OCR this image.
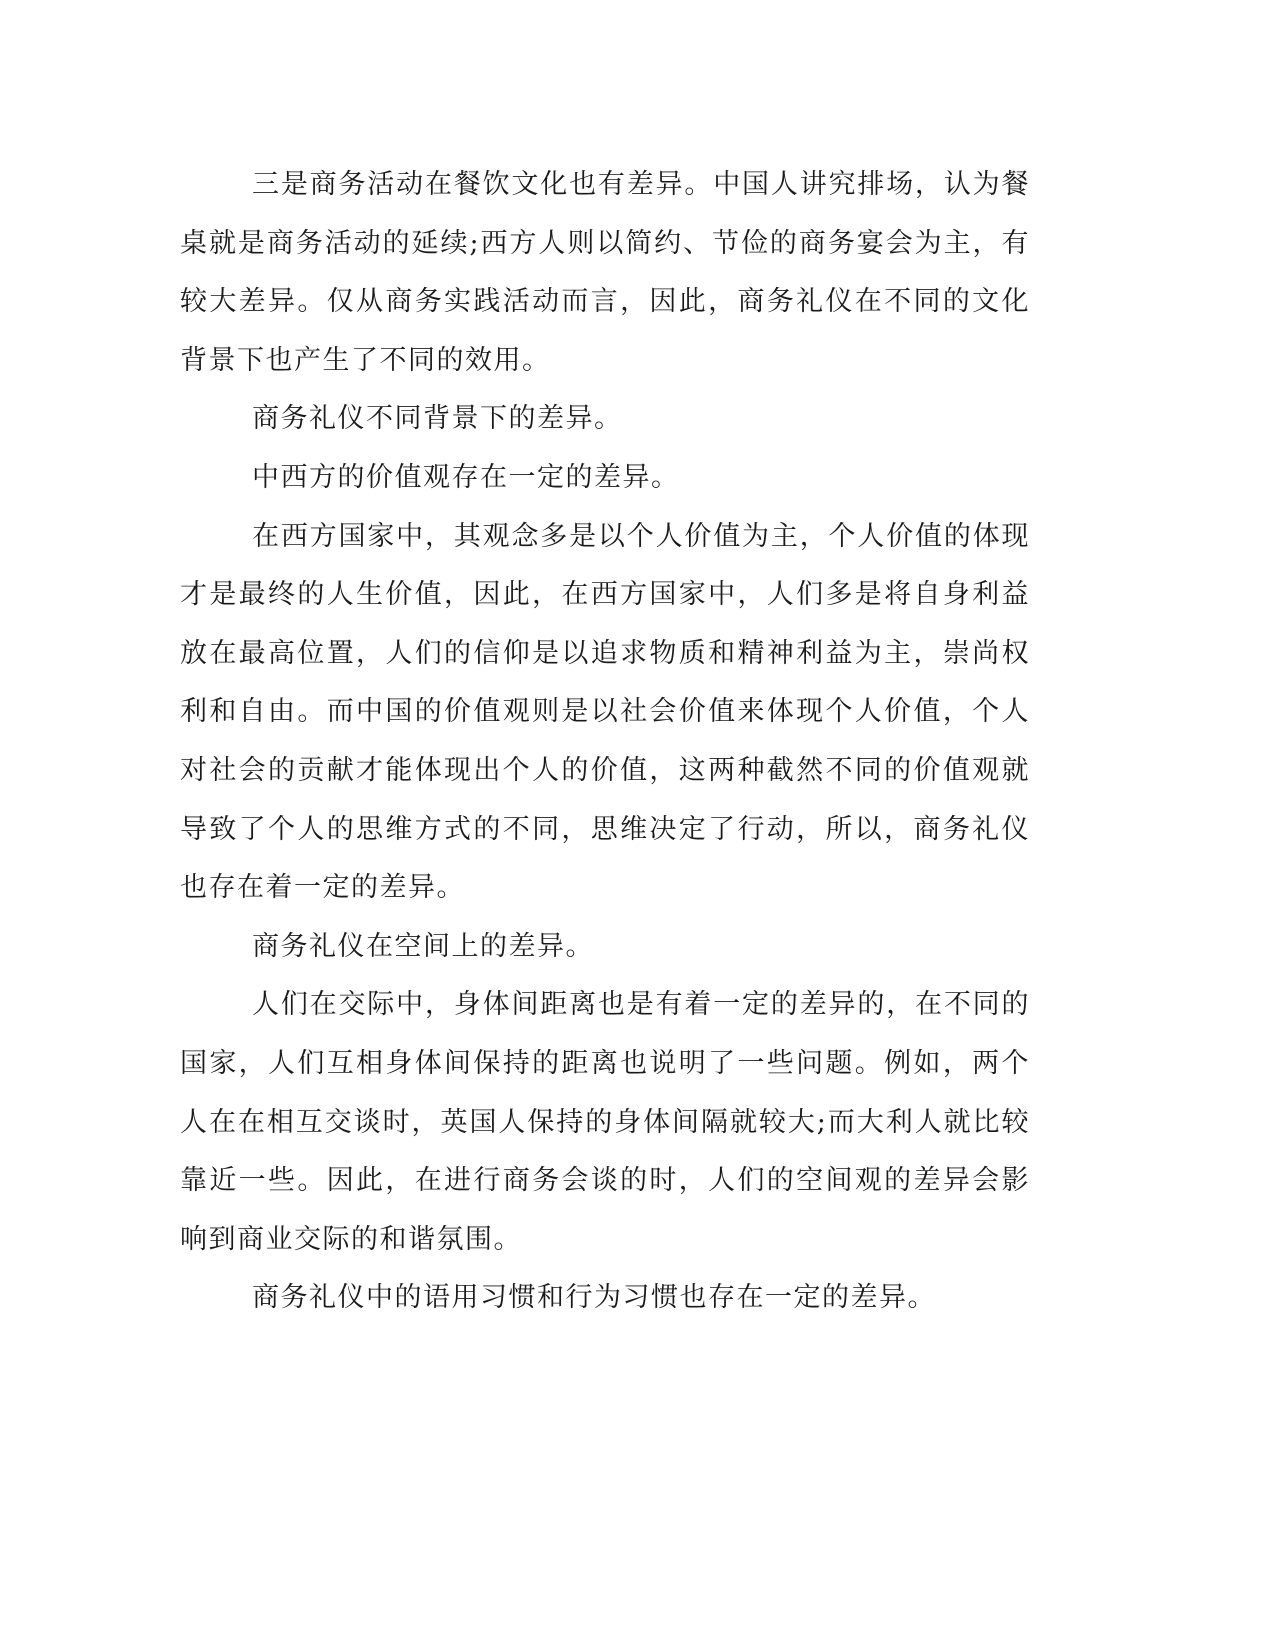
三是商务活动在餐饮文化也有差异。中国人讲究排场，认为餐桌就是商务活动的延续;西方人则以简约、节俭的商务宴会为主，有较大差异。仅从商务实践活动而言，因此，商务礼仪在不同的文化背景下也产生了不同的效用。

商务礼仪不同背景下的差异。

中西方的价值观存在一定的差异。

在西方国家中，其观念多是以个人价值为主，个人价值的体现才是最终的人生价值，因此，在西方国家中，人们多是将自身利益放在最高位置，人们的信仰是以追求物质和精神利益为主，崇尚权利和自由。而中国的价值观则是以社会价值来体现个人价值，个人对社会的贡献才能体现出个人的价值，这两种截然不同的价值观就导致了个人的思维方式的不同，思维决定了行动，所以，商务礼仪也存在着一定的差异。

商务礼仪在空间上的差异。

人们在交际中，身体间距离也是有着一定的差异的，在不同的国家，人们互相身体间保持的距离也说明了一些问题。例如，两个人在在相互交谈时，英国人保持的身体间隔就较大;而大利人就比较靠近一些。因此，在进行商务会谈的时，人们的空间观的差异会影响到商业交际的和谐氛围。

商务礼仪中的语用习惯和行为习惯也存在一定的差异。
